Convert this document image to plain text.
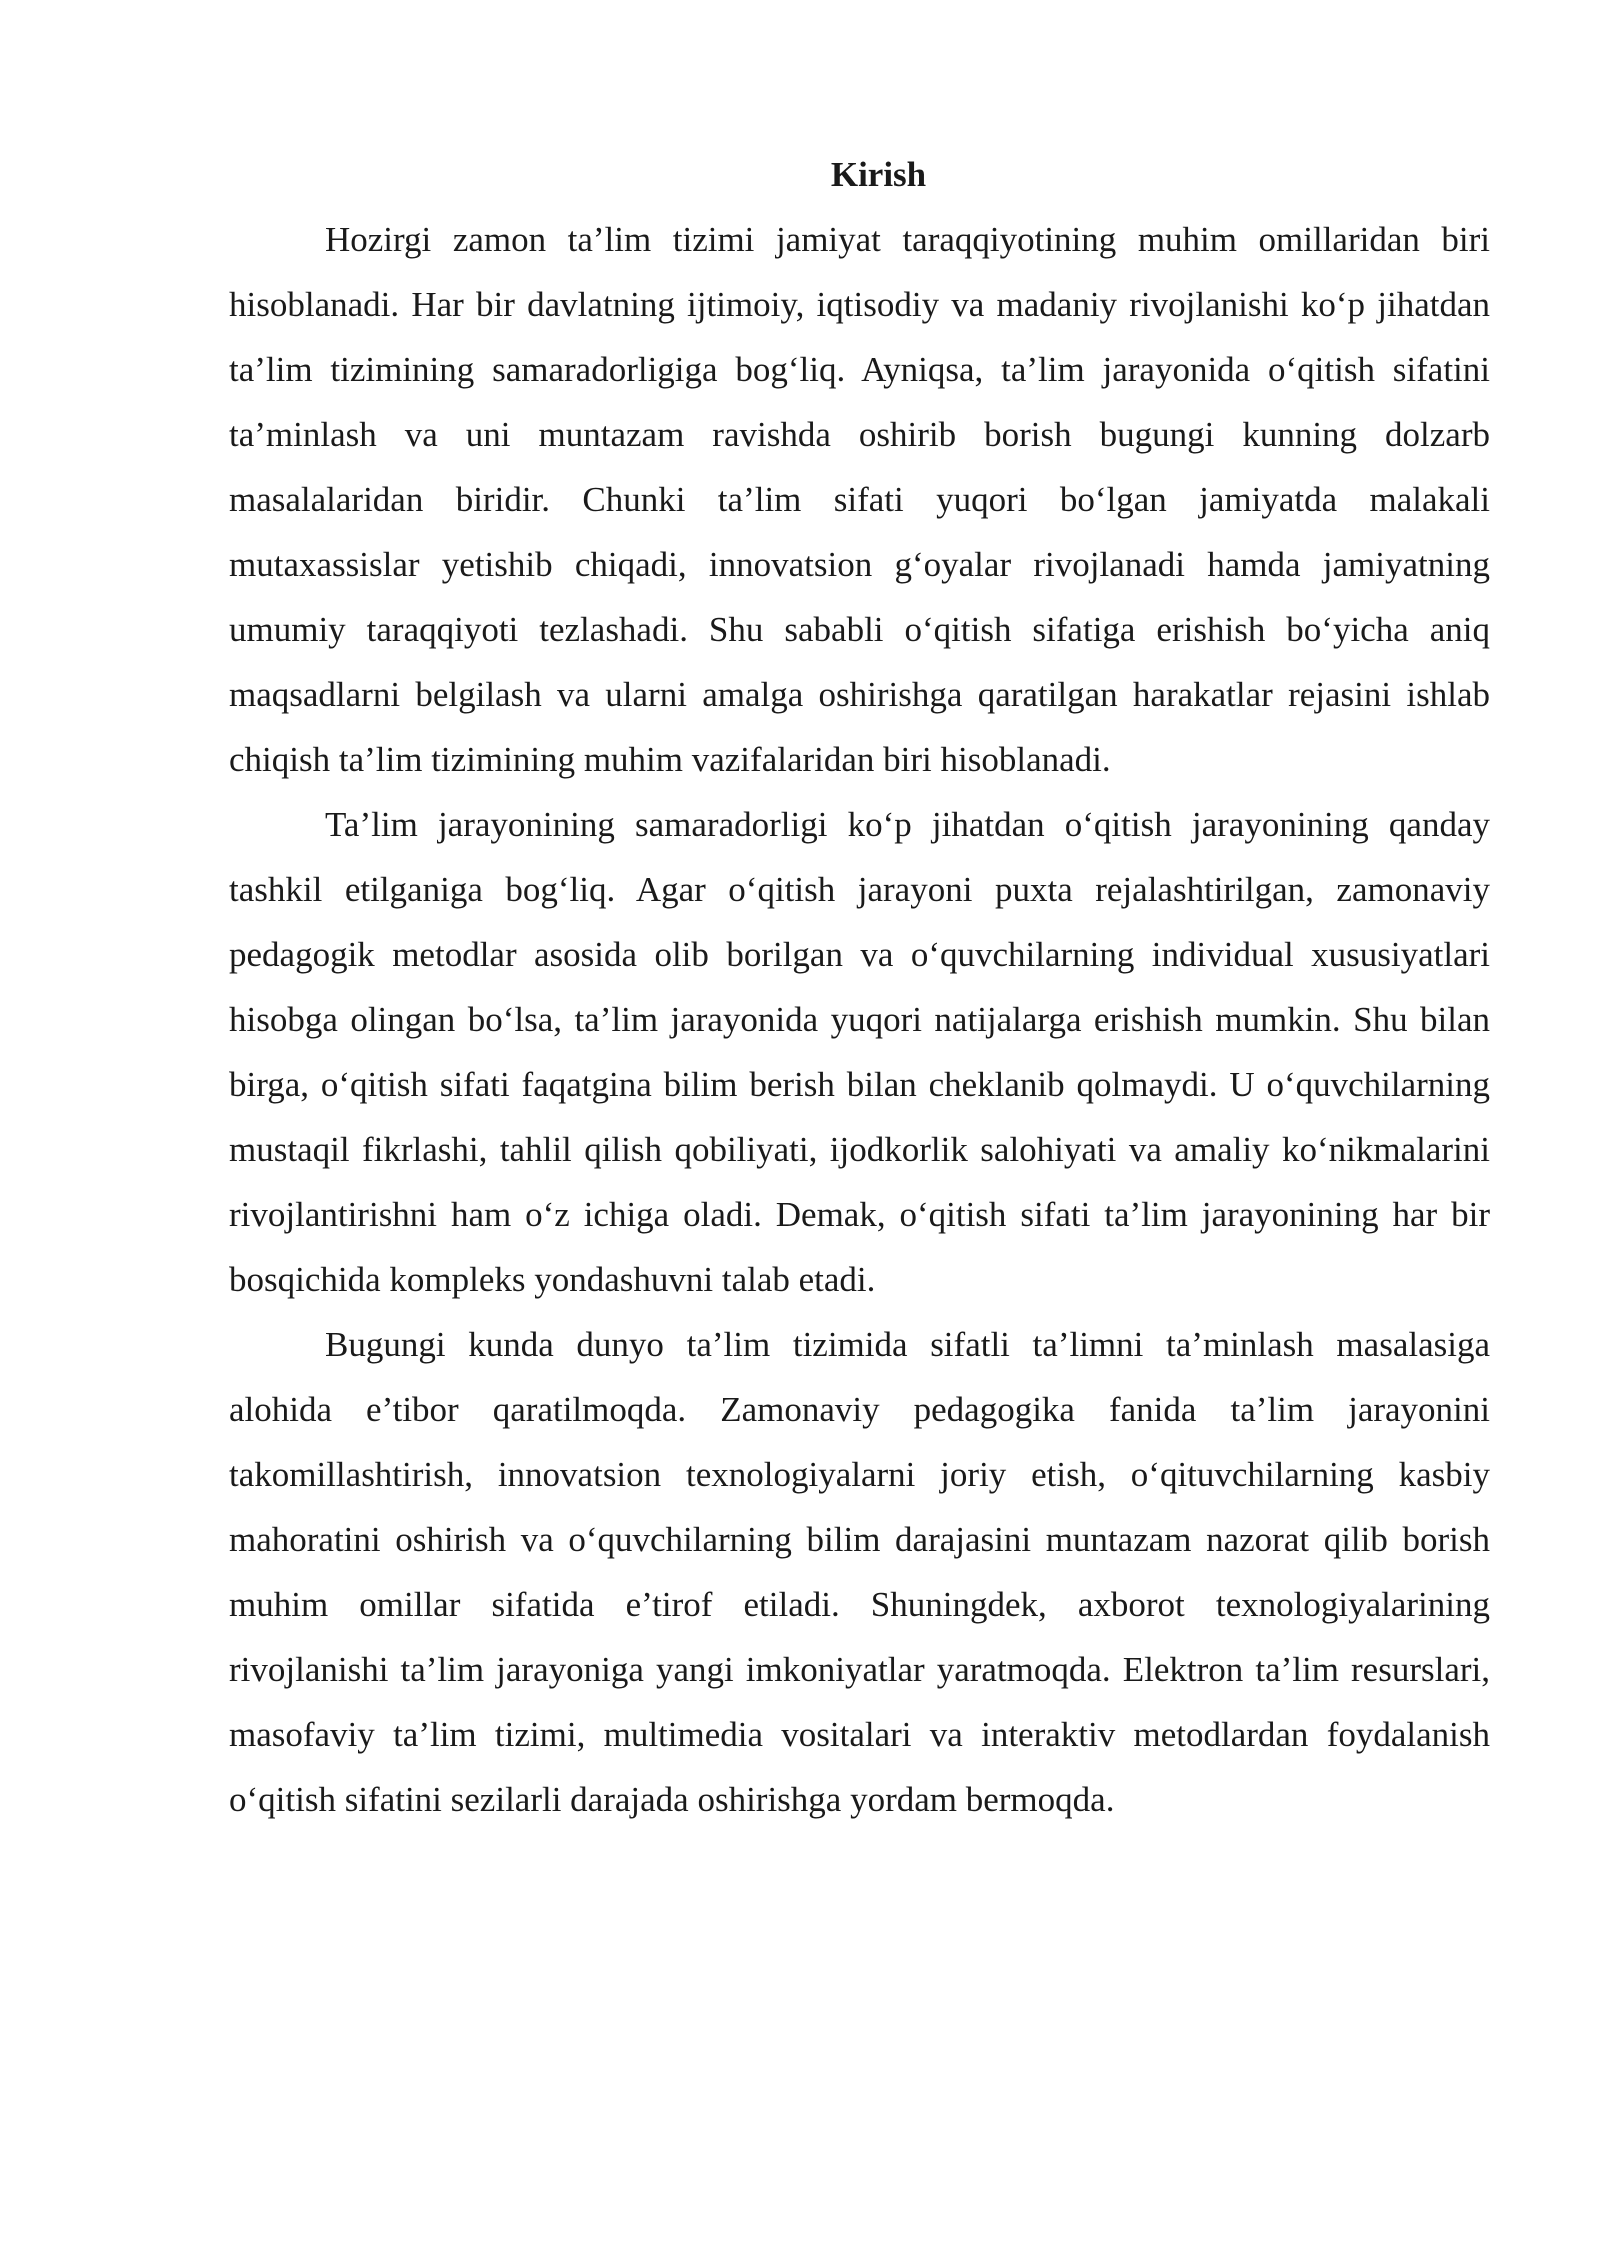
Kirish

Hozirgi zamon ta’lim tizimi jamiyat taraqqiyotining muhim omillaridan biri hisoblanadi. Har bir davlatning ijtimoiy, iqtisodiy va madaniy rivojlanishi ko‘p jihatdan ta’lim tizimining samaradorligiga bog‘liq. Ayniqsa, ta’lim jarayonida o‘qitish sifatini ta’minlash va uni muntazam ravishda oshirib borish bugungi kunning dolzarb masalalaridan biridir. Chunki ta’lim sifati yuqori bo‘lgan jamiyatda malakali mutaxassislar yetishib chiqadi, innovatsion g‘oyalar rivojlanadi hamda jamiyatning umumiy taraqqiyoti tezlashadi. Shu sababli o‘qitish sifatiga erishish bo‘yicha aniq maqsadlarni belgilash va ularni amalga oshirishga qaratilgan harakatlar rejasini ishlab chiqish ta’lim tizimining muhim vazifalaridan biri hisoblanadi.

Ta’lim jarayonining samaradorligi ko‘p jihatdan o‘qitish jarayonining qanday tashkil etilganiga bog‘liq. Agar o‘qitish jarayoni puxta rejalashtirilgan, zamonaviy pedagogik metodlar asosida olib borilgan va o‘quvchilarning individual xususiyatlari hisobga olingan bo‘lsa, ta’lim jarayonida yuqori natijalarga erishish mumkin. Shu bilan birga, o‘qitish sifati faqatgina bilim berish bilan cheklanib qolmaydi. U o‘quvchilarning mustaqil fikrlashi, tahlil qilish qobiliyati, ijodkorlik salohiyati va amaliy ko‘nikmalarini rivojlantirishni ham o‘z ichiga oladi. Demak, o‘qitish sifati ta’lim jarayonining har bir bosqichida kompleks yondashuvni talab etadi.

Bugungi kunda dunyo ta’lim tizimida sifatli ta’limni ta’minlash masalasiga alohida e’tibor qaratilmoqda. Zamonaviy pedagogika fanida ta’lim jarayonini takomillashtirish, innovatsion texnologiyalarni joriy etish, o‘qituvchilarning kasbiy mahoratini oshirish va o‘quvchilarning bilim darajasini muntazam nazorat qilib borish muhim omillar sifatida e’tirof etiladi. Shuningdek, axborot texnologiyalarining rivojlanishi ta’lim jarayoniga yangi imkoniyatlar yaratmoqda. Elektron ta’lim resurslari, masofaviy ta’lim tizimi, multimedia vositalari va interaktiv metodlardan foydalanish o‘qitish sifatini sezilarli darajada oshirishga yordam bermoqda.
